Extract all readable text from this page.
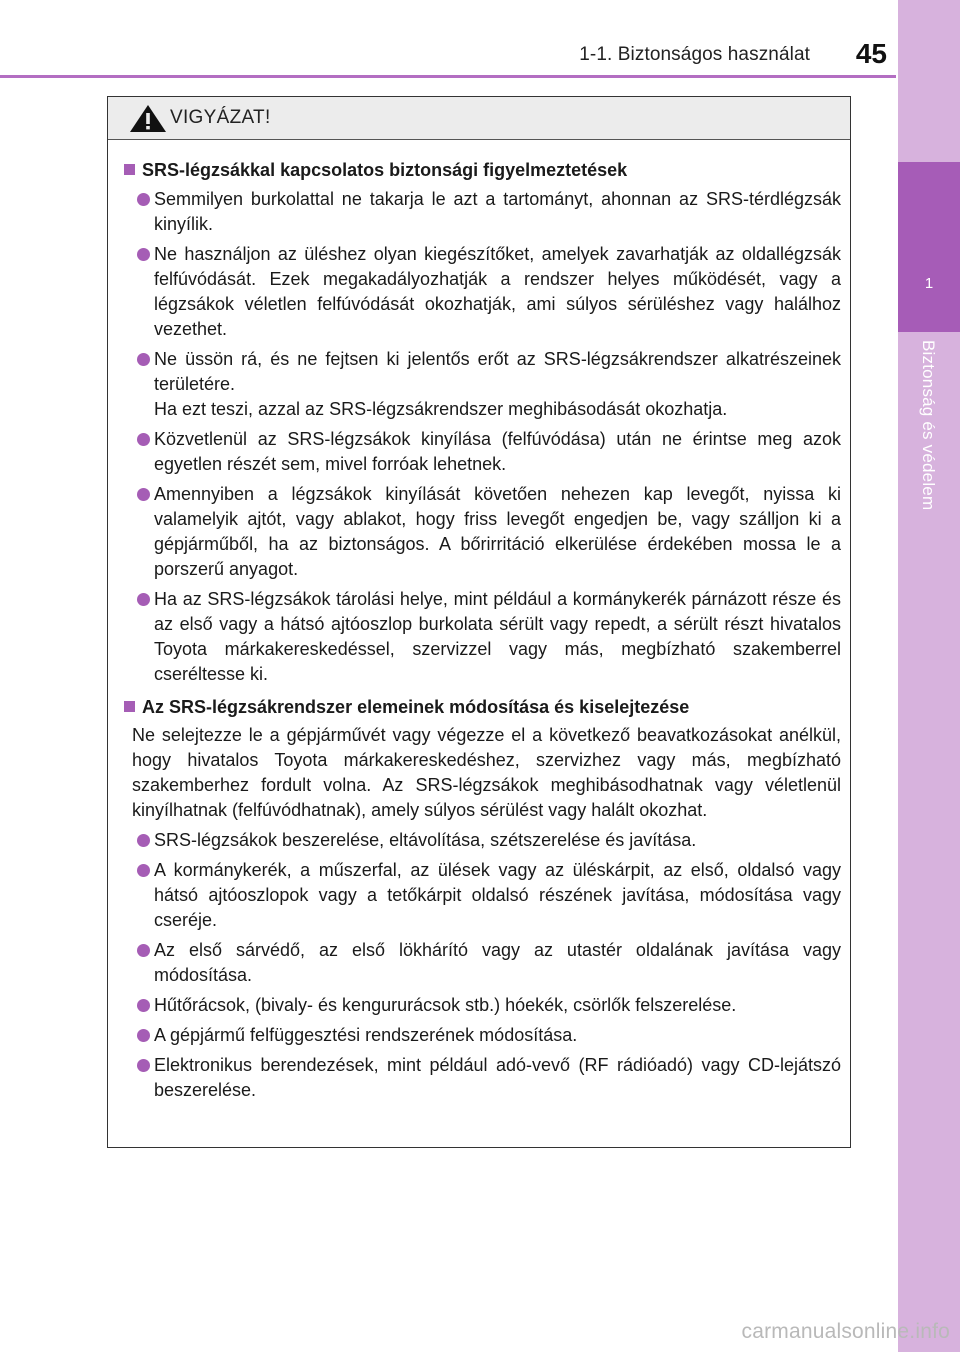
1-1. Biztonságos használat 45
1
Biztonság és védelem
VIGYÁZAT!
SRS-légzsákkal kapcsolatos biztonsági figyelmeztetések
Semmilyen burkolattal ne takarja le azt a tartományt, ahonnan az SRS-térdlégzsák kinyílik.
Ne használjon az üléshez olyan kiegészítőket, amelyek zavarhatják az oldallégzsák felfúvódását. Ezek megakadályozhatják a rendszer helyes működését, vagy a légzsákok véletlen felfúvódását okozhatják, ami súlyos sérüléshez vagy halálhoz vezethet.
Ne üssön rá, és ne fejtsen ki jelentős erőt az SRS-légzsákrendszer alkatrészeinek területére.
Ha ezt teszi, azzal az SRS-légzsákrendszer meghibásodását okozhatja.
Közvetlenül az SRS-légzsákok kinyílása (felfúvódása) után ne érintse meg azok egyetlen részét sem, mivel forróak lehetnek.
Amennyiben a légzsákok kinyílását követően nehezen kap levegőt, nyissa ki valamelyik ajtót, vagy ablakot, hogy friss levegőt engedjen be, vagy szálljon ki a gépjárműből, ha az biztonságos. A bőrirritáció elkerülése érdekében mossa le a porszerű anyagot.
Ha az SRS-légzsákok tárolási helye, mint például a kormánykerék párnázott része és az első vagy a hátsó ajtóoszlop burkolata sérült vagy repedt, a sérült részt hivatalos Toyota márkakereskedéssel, szervizzel vagy más, megbízható szakemberrel cseréltesse ki.
Az SRS-légzsákrendszer elemeinek módosítása és kiselejtezése
Ne selejtezze le a gépjárművét vagy végezze el a következő beavatkozásokat anélkül, hogy hivatalos Toyota márkakereskedéshez, szervizhez vagy más, megbízható szakemberhez fordult volna. Az SRS-légzsákok meghibásodhatnak vagy véletlenül kinyílhatnak (felfúvódhatnak), amely súlyos sérülést vagy halált okozhat.
SRS-légzsákok beszerelése, eltávolítása, szétszerelése és javítása.
A kormánykerék, a műszerfal, az ülések vagy az üléskárpit, az első, oldalsó vagy hátsó ajtóoszlopok vagy a tetőkárpit oldalsó részének javítása, módosítása vagy cseréje.
Az első sárvédő, az első lökhárító vagy az utastér oldalának javítása vagy módosítása.
Hűtőrácsok, (bivaly- és kengururácsok stb.) hóekék, csörlők felszerelése.
A gépjármű felfüggesztési rendszerének módosítása.
Elektronikus berendezések, mint például adó-vevő (RF rádióadó) vagy CD-lejátszó beszerelése.
carmanualsonline.info
